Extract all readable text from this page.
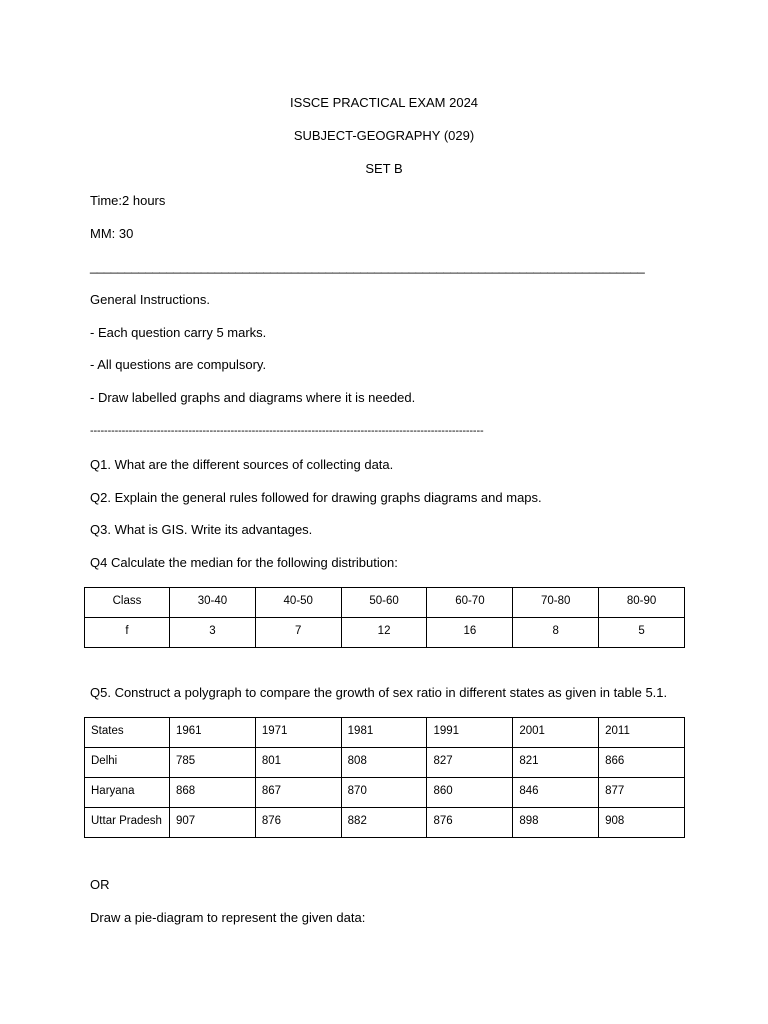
ISSCE PRACTICAL EXAM 2024
SUBJECT-GEOGRAPHY (029)
SET B
Time:2 hours
MM: 30
________________________________________________________________________________
General Instructions.
- Each question carry 5 marks.
- All questions are compulsory.
- Draw labelled graphs and diagrams where it is needed.
----------------------------------------------------------------------------------------------------------------
Q1. What are the different sources of collecting data.
Q2. Explain the general rules followed for drawing graphs diagrams and maps.
Q3. What is GIS. Write its advantages.
Q4 Calculate the median for the following distribution:
Class	30-40	40-50	50-60	60-70	70-80	80-90
f	3	7	12	16	8	5
Q5. Construct a polygraph to compare the growth of sex ratio in different states as given in table 5.1.
States	1961	1971	1981	1991	2001	2011
Delhi	785	801	808	827	821	866
Haryana	868	867	870	860	846	877
Uttar Pradesh	907	876	882	876	898	908
OR
Draw a pie-diagram to represent the given data:
